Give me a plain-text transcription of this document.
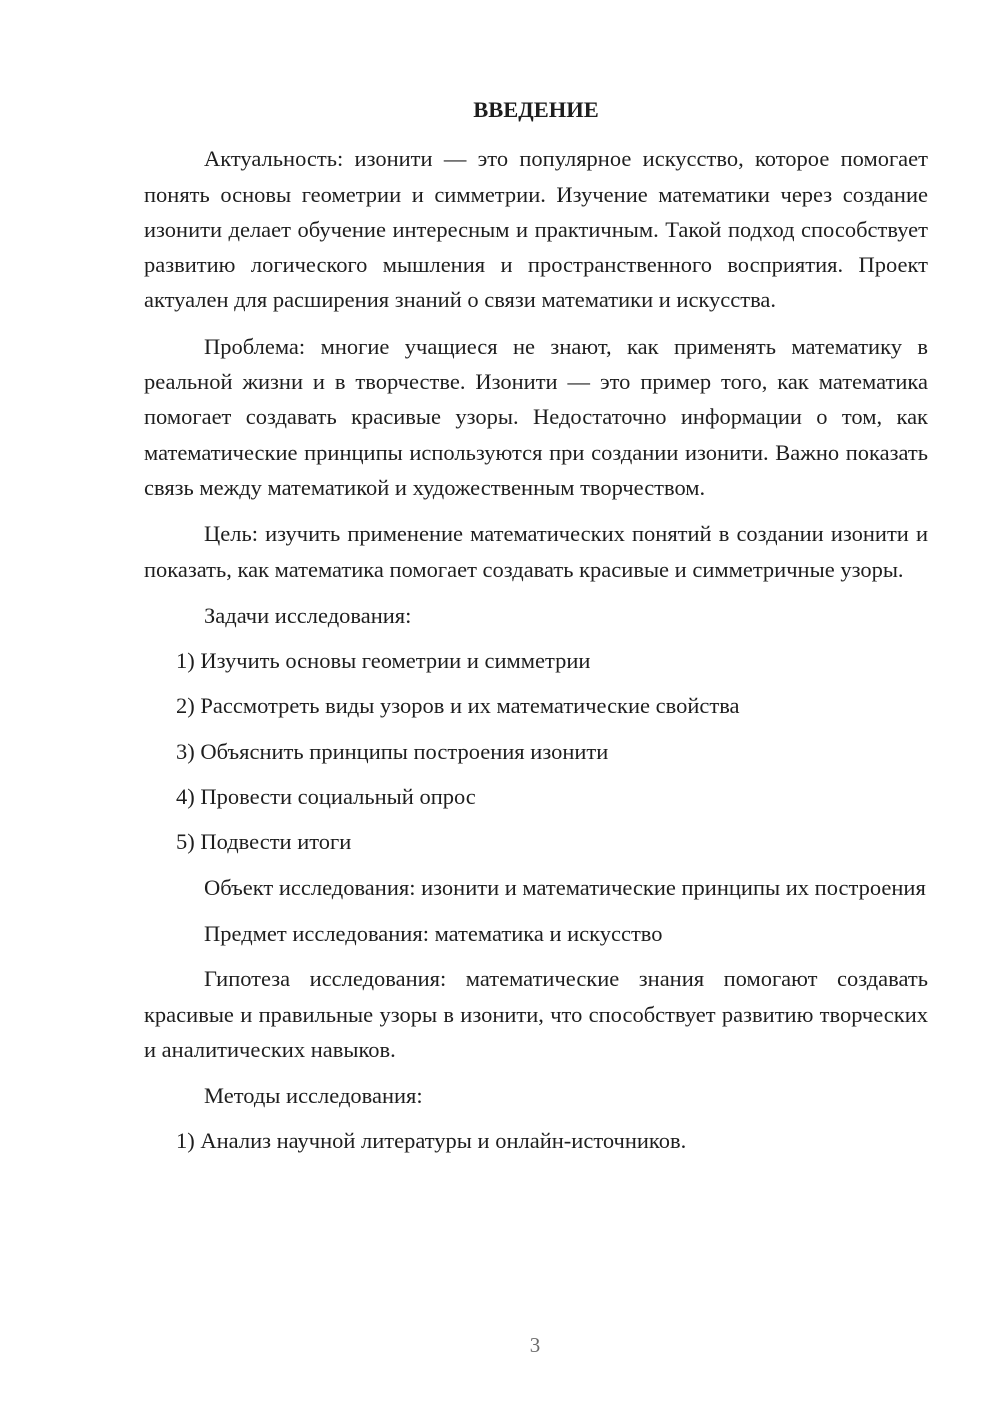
ВВЕДЕНИЕ

Актуальность: изонити — это популярное искусство, которое помогает понять основы геометрии и симметрии. Изучение математики через создание изонити делает обучение интересным и практичным. Такой подход способствует развитию логического мышления и пространственного восприятия. Проект актуален для расширения знаний о связи математики и искусства.

Проблема: многие учащиеся не знают, как применять математику в реальной жизни и в творчестве. Изонити — это пример того, как математика помогает создавать красивые узоры. Недостаточно информации о том, как математические принципы используются при создании изонити. Важно показать связь между математикой и художественным творчеством.

Цель: изучить применение математических понятий в создании изонити и показать, как математика помогает создавать красивые и симметричные узоры.

Задачи исследования:

1) Изучить основы геометрии и симметрии
2) Рассмотреть виды узоров и их математические свойства
3) Объяснить принципы построения изонити
4) Провести социальный опрос
5) Подвести итоги

Объект исследования: изонити и математические принципы их построения

Предмет исследования: математика и искусство

Гипотеза исследования: математические знания помогают создавать красивые и правильные узоры в изонити, что способствует развитию творческих и аналитических навыков.

Методы исследования:

1) Анализ научной литературы и онлайн-источников.
3
